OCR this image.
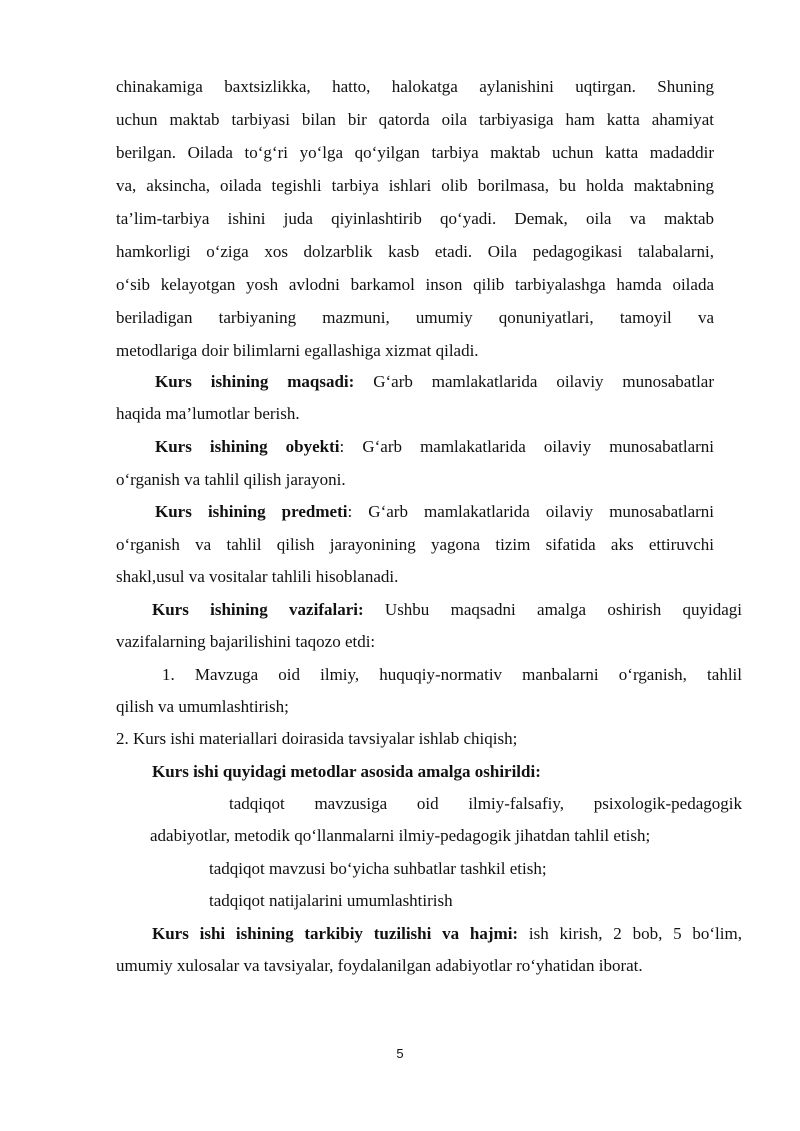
chinakamiga baxtsizlikka, hatto, halokatga aylanishini uqtirgan. Shuning
uchun maktab tarbiyasi bilan bir qatorda oila tarbiyasiga ham katta ahamiyat
berilgan. Oilada to‘g‘ri yo‘lga qo‘yilgan tarbiya maktab uchun katta madaddir
va, aksincha, oilada tegishli tarbiya ishlari olib borilmasa, bu holda maktabning
ta’lim-tarbiya ishini juda qiyinlashtirib qo‘yadi. Demak, oila va maktab
hamkorligi o‘ziga xos dolzarblik kasb etadi. Oila pedagogikasi talabalarni,
o‘sib kelayotgan yosh avlodni barkamol inson qilib tarbiyalashga hamda oilada
beriladigan tarbiyaning mazmuni, umumiy qonuniyatlari, tamoyil va
metodlariga doir bilimlarni egallashiga xizmat qiladi.
Kurs ishining maqsadi: G‘arb mamlakatlarida oilaviy munosabatlar
haqida ma’lumotlar berish.
Kurs ishining obyekti: G‘arb mamlakatlarida oilaviy munosabatlarni
o‘rganish va tahlil qilish jarayoni.
Kurs ishining predmeti: G‘arb mamlakatlarida oilaviy munosabatlarni
o‘rganish va tahlil qilish jarayonining yagona tizim sifatida aks ettiruvchi
shakl,usul va vositalar tahlili hisoblanadi.
Kurs ishining vazifalari: Ushbu maqsadni amalga oshirish quyidagi
vazifalarning bajarilishini taqozo etdi:
1. Mavzuga oid ilmiy, huquqiy-normativ manbalarni o‘rganish, tahlil
qilish va umumlashtirish;
2. Kurs ishi materiallari doirasida tavsiyalar ishlab chiqish;
Kurs ishi quyidagi metodlar asosida amalga oshirildi:
tadqiqot mavzusiga oid ilmiy-falsafiy, psixologik-pedagogik
adabiyotlar, metodik qo‘llanmalarni ilmiy-pedagogik jihatdan tahlil etish;
tadqiqot mavzusi bo‘yicha suhbatlar tashkil etish;
tadqiqot natijalarini umumlashtirish
Kurs ishi ishining tarkibiy tuzilishi va hajmi: ish kirish, 2 bob, 5 bo‘lim,
umumiy xulosalar va tavsiyalar, foydalanilgan adabiyotlar ro‘yhatidan iborat.
5
